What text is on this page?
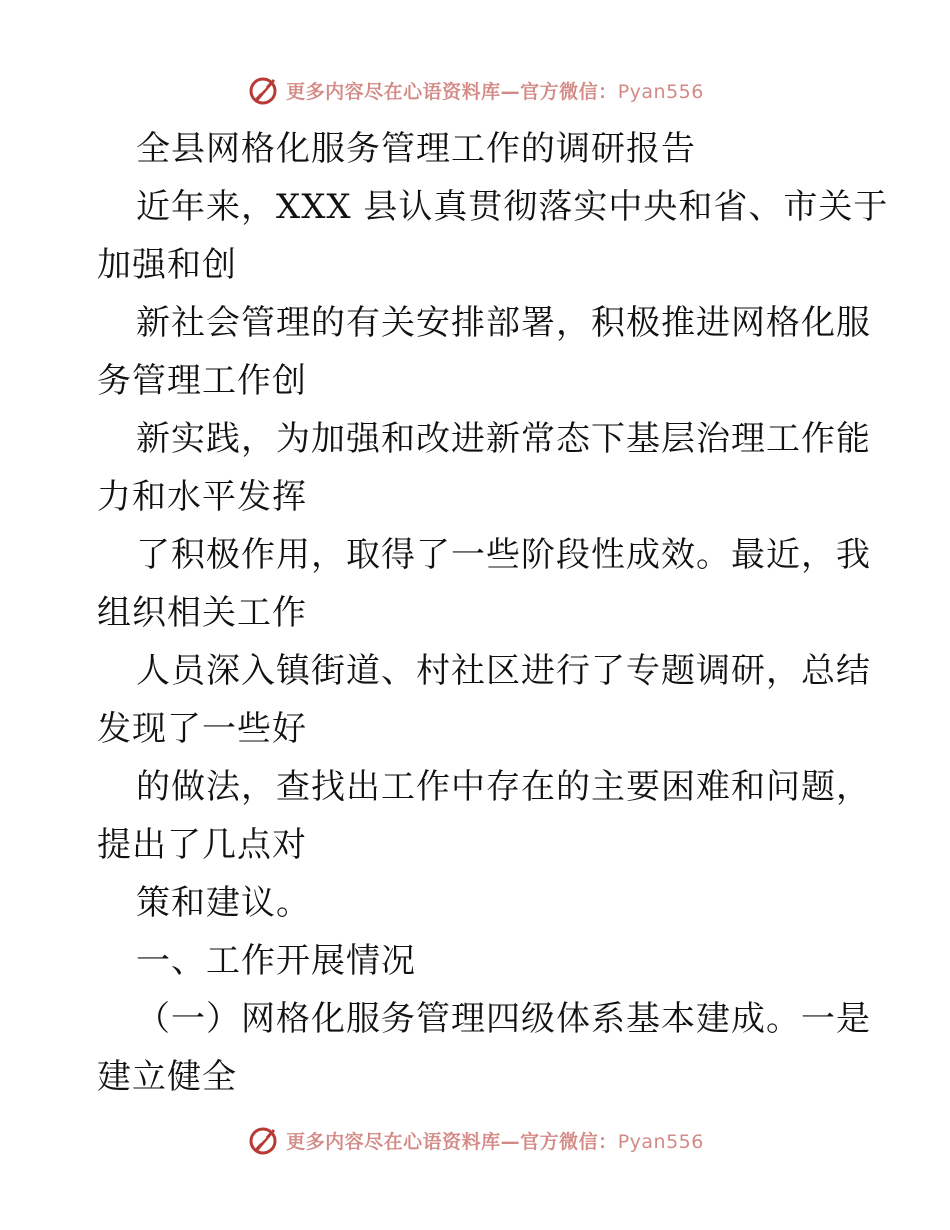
更多内容尽在心语资料库—官方微信：Pyan556
全县网格化服务管理工作的调研报告
近年来，XXX 县认真贯彻落实中央和省、市关于
加强和创
新社会管理的有关安排部署，积极推进网格化服
务管理工作创
新实践，为加强和改进新常态下基层治理工作能
力和水平发挥
了积极作用，取得了一些阶段性成效。最近，我
组织相关工作
人员深入镇街道、村社区进行了专题调研，总结
发现了一些好
的做法，查找出工作中存在的主要困难和问题，
提出了几点对
策和建议。
一、工作开展情况
（一）网格化服务管理四级体系基本建成。一是
建立健全
更多内容尽在心语资料库—官方微信：Pyan556
